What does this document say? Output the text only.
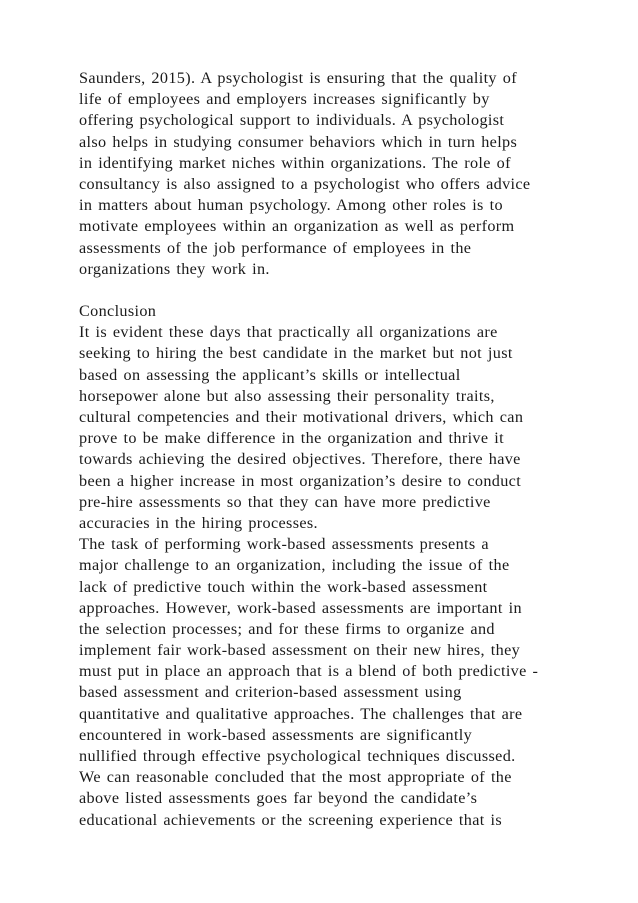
Saunders, 2015). A psychologist is ensuring that the quality of
life of employees and employers increases significantly by
offering psychological support to individuals. A psychologist
also helps in studying consumer behaviors which in turn helps
in identifying market niches within organizations. The role of
consultancy is also assigned to a psychologist who offers advice
in matters about human psychology. Among other roles is to
motivate employees within an organization as well as perform
assessments of the job performance of employees in the
organizations they work in.
Conclusion
It is evident these days that practically all organizations are
seeking to hiring the best candidate in the market but not just
based on assessing the applicant’s skills or intellectual
horsepower alone but also assessing their personality traits,
cultural competencies and their motivational drivers, which can
prove to be make difference in the organization and thrive it
towards achieving the desired objectives. Therefore, there have
been a higher increase in most organization’s desire to conduct
pre-hire assessments so that they can have more predictive
accuracies in the hiring processes.
The task of performing work-based assessments presents a
major challenge to an organization, including the issue of the
lack of predictive touch within the work-based assessment
approaches. However, work-based assessments are important in
the selection processes; and for these firms to organize and
implement fair work-based assessment on their new hires, they
must put in place an approach that is a blend of both predictive -
based assessment and criterion-based assessment using
quantitative and qualitative approaches. The challenges that are
encountered in work-based assessments are significantly
nullified through effective psychological techniques discussed.
We can reasonable concluded that the most appropriate of the
above listed assessments goes far beyond the candidate’s
educational achievements or the screening experience that is
